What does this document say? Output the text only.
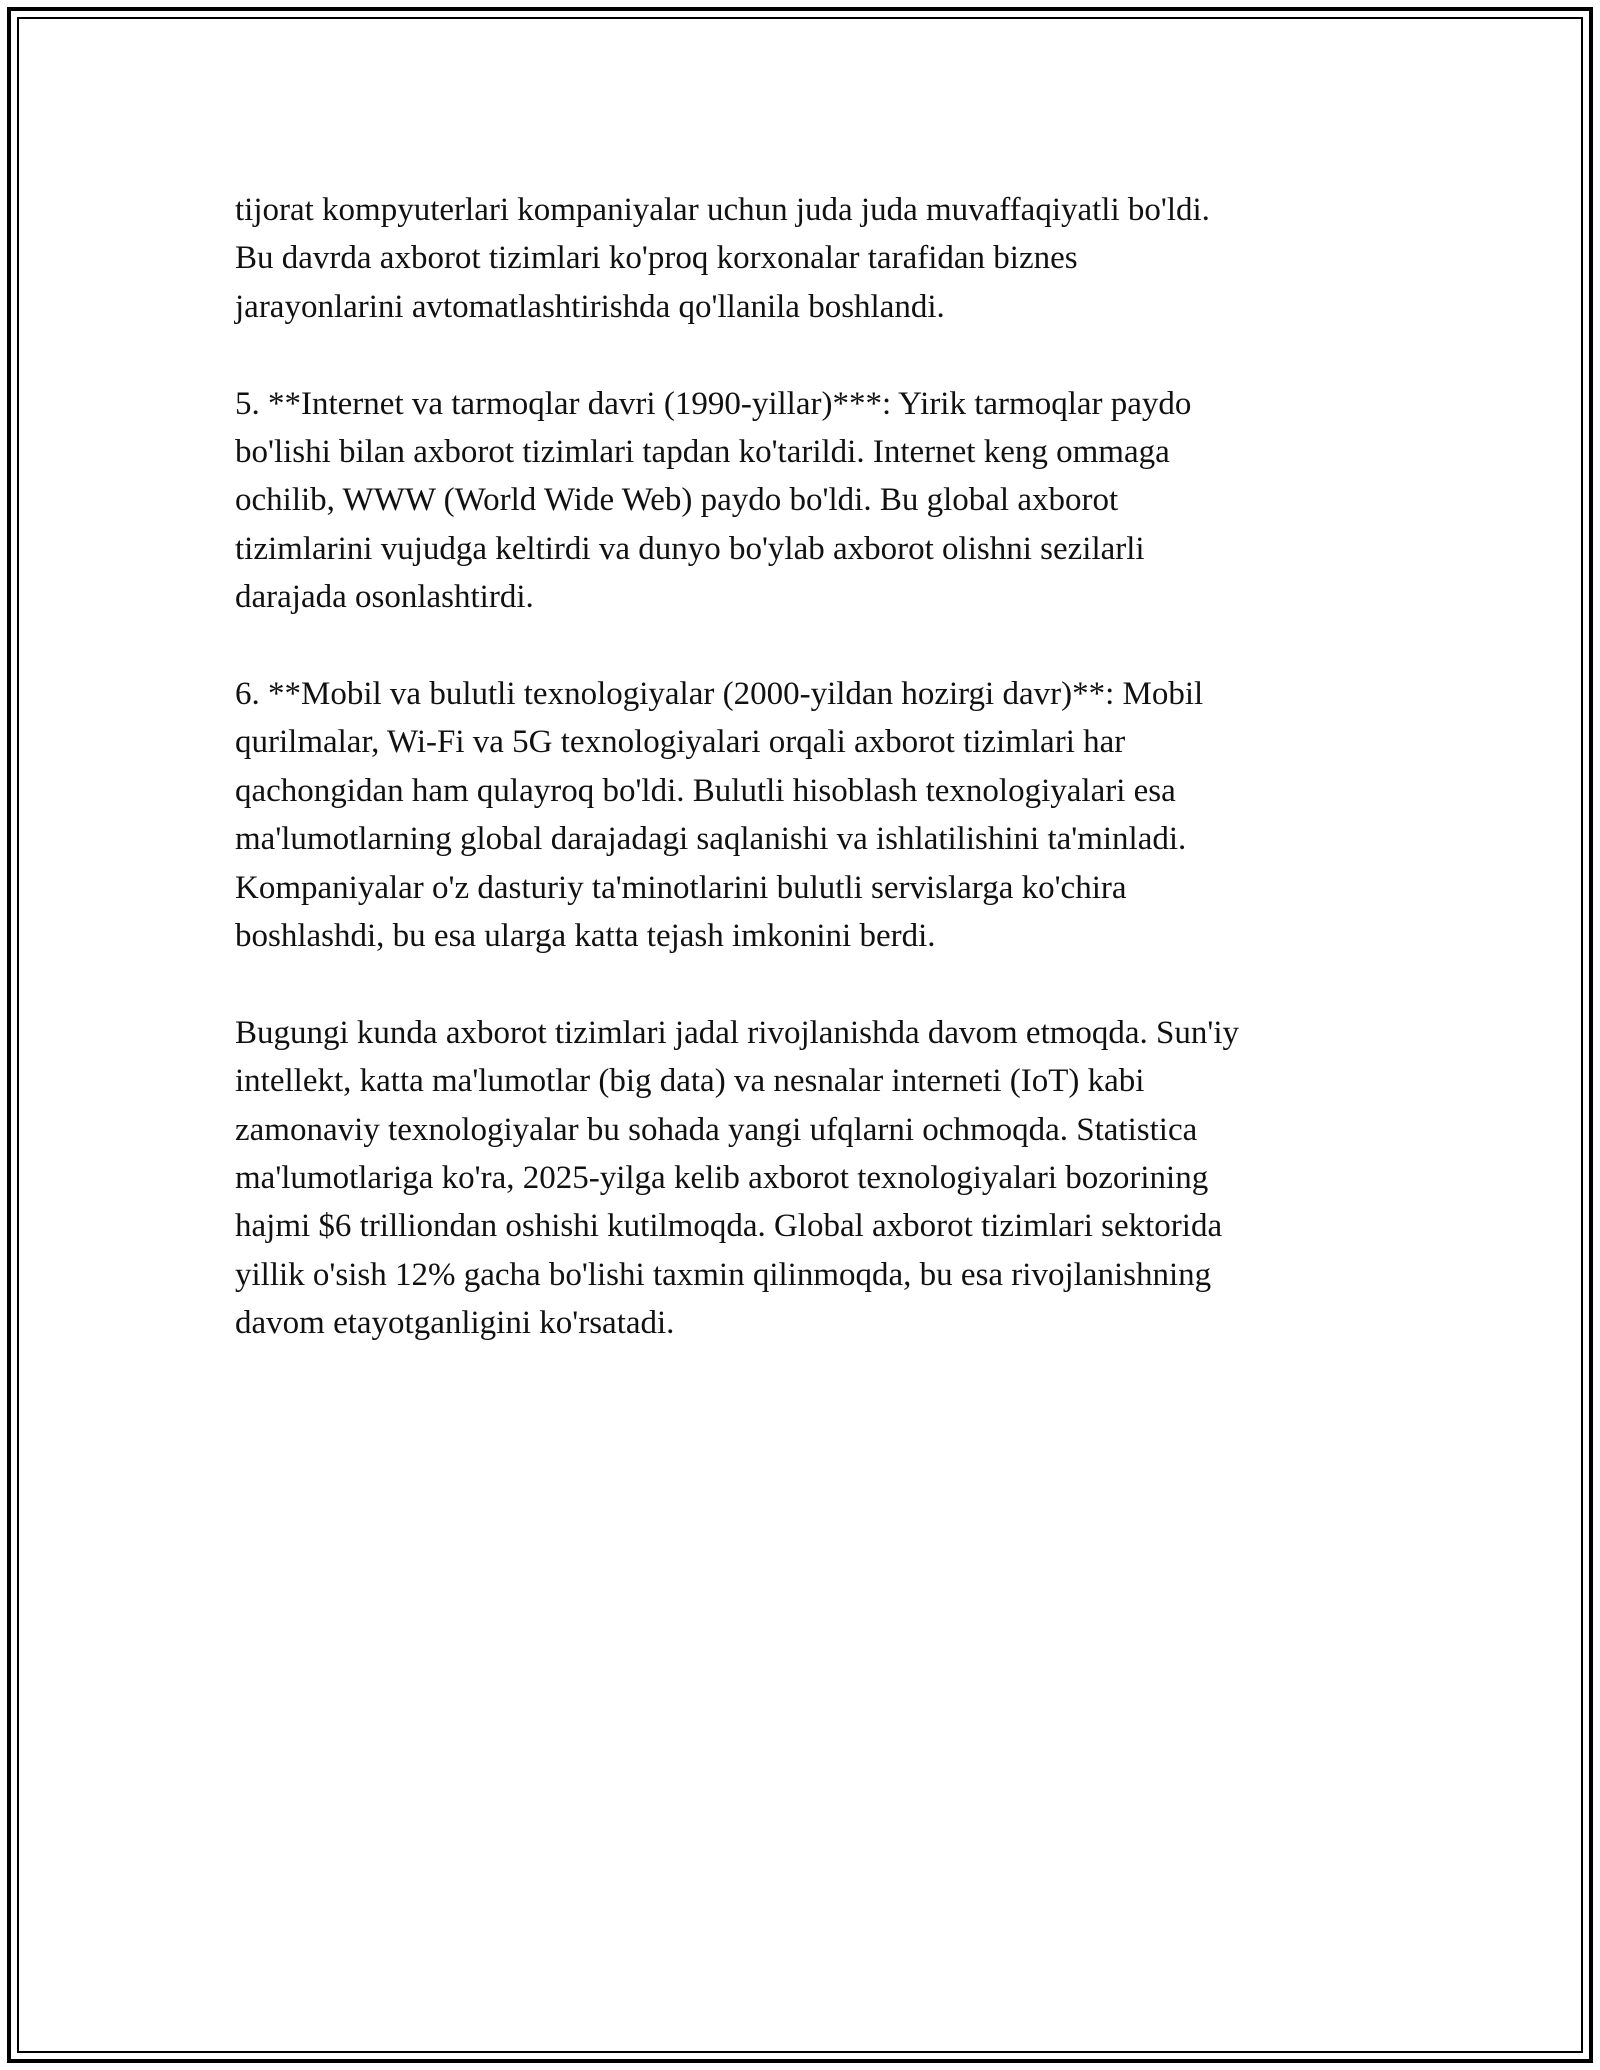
tijorat kompyuterlari kompaniyalar uchun juda juda muvaffaqiyatli bo'ldi.
Bu davrda axborot tizimlari ko'proq korxonalar tarafidan biznes
jarayonlarini avtomatlashtirishda qo'llanila boshlandi.

5. **Internet va tarmoqlar davri (1990-yillar)***: Yirik tarmoqlar paydo
bo'lishi bilan axborot tizimlari tapdan ko'tarildi. Internet keng ommaga
ochilib, WWW (World Wide Web) paydo bo'ldi. Bu global axborot
tizimlarini vujudga keltirdi va dunyo bo'ylab axborot olishni sezilarli
darajada osonlashtirdi.

6. **Mobil va bulutli texnologiyalar (2000-yildan hozirgi davr)**: Mobil
qurilmalar, Wi-Fi va 5G texnologiyalari orqali axborot tizimlari har
qachongidan ham qulayroq bo'ldi. Bulutli hisoblash texnologiyalari esa
ma'lumotlarning global darajadagi saqlanishi va ishlatilishini ta'minladi.
Kompaniyalar o'z dasturiy ta'minotlarini bulutli servislarga ko'chira
boshlashdi, bu esa ularga katta tejash imkonini berdi.

Bugungi kunda axborot tizimlari jadal rivojlanishda davom etmoqda. Sun'iy
intellekt, katta ma'lumotlar (big data) va nesnalar interneti (IoT) kabi
zamonaviy texnologiyalar bu sohada yangi ufqlarni ochmoqda. Statistica
ma'lumotlariga ko'ra, 2025-yilga kelib axborot texnologiyalari bozorining
hajmi $6 trilliondan oshishi kutilmoqda. Global axborot tizimlari sektorida
yillik o'sish 12% gacha bo'lishi taxmin qilinmoqda, bu esa rivojlanishning
davom etayotganligini ko'rsatadi.
